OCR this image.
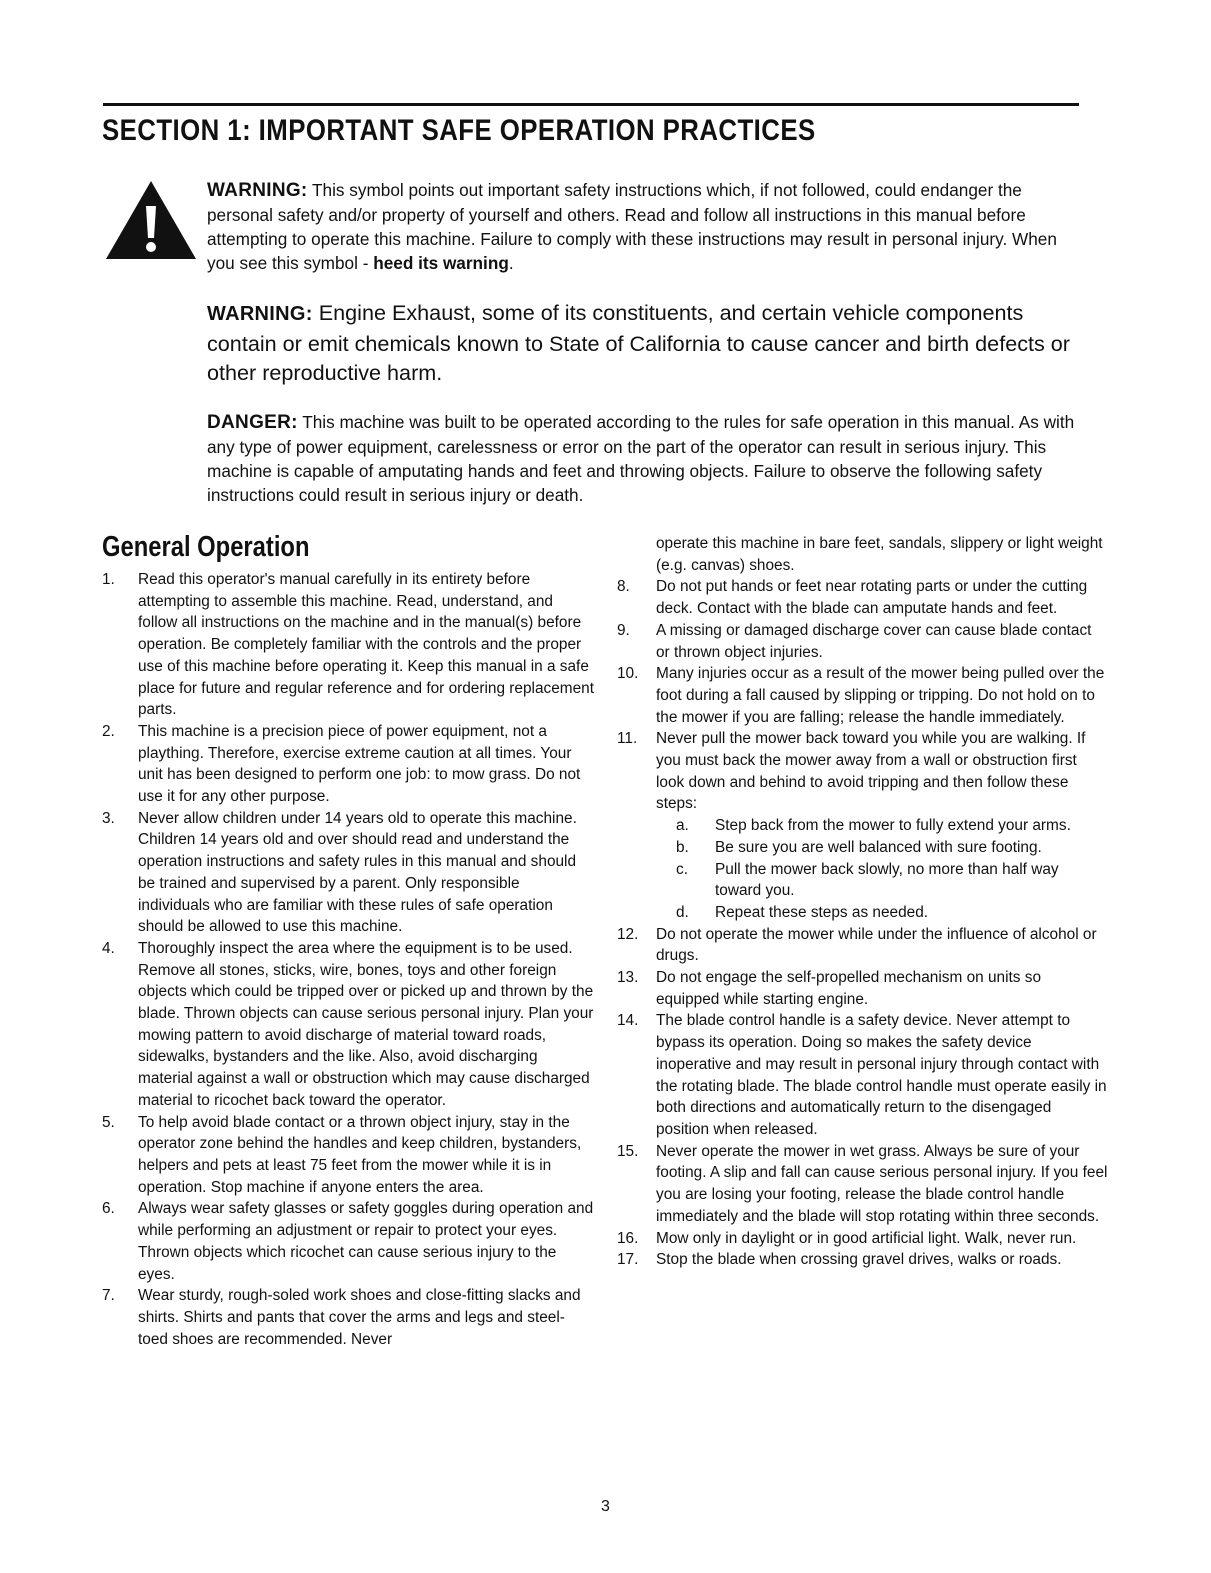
SECTION 1: IMPORTANT SAFE OPERATION PRACTICES

WARNING: This symbol points out important safety instructions which, if not followed, could endanger the personal safety and/or property of yourself and others. Read and follow all instructions in this manual before attempting to operate this machine. Failure to comply with these instructions may result in personal injury. When you see this symbol - heed its warning.

WARNING: Engine Exhaust, some of its constituents, and certain vehicle components contain or emit chemicals known to State of California to cause cancer and birth defects or other reproductive harm.

DANGER: This machine was built to be operated according to the rules for safe operation in this manual. As with any type of power equipment, carelessness or error on the part of the operator can result in serious injury. This machine is capable of amputating hands and feet and throwing objects. Failure to observe the following safety instructions could result in serious injury or death.

General Operation

1.	Read this operator's manual carefully in its entirety before attempting to assemble this machine. Read, understand, and follow all instructions on the machine and in the manual(s) before operation. Be completely familiar with the controls and the proper use of this machine before operating it. Keep this manual in a safe place for future and regular reference and for ordering replacement parts.

2.	This machine is a precision piece of power equipment, not a plaything. Therefore, exercise extreme caution at all times. Your unit has been designed to perform one job: to mow grass. Do not use it for any other purpose.

3.	Never allow children under 14 years old to operate this machine. Children 14 years old and over should read and understand the operation instructions and safety rules in this manual and should be trained and supervised by a parent. Only responsible individuals who are familiar with these rules of safe operation should be allowed to use this machine.

4.	Thoroughly inspect the area where the equipment is to be used. Remove all stones, sticks, wire, bones, toys and other foreign objects which could be tripped over or picked up and thrown by the blade. Thrown objects can cause serious personal injury. Plan your mowing pattern to avoid discharge of material toward roads, sidewalks, bystanders and the like. Also, avoid discharging material against a wall or obstruction which may cause discharged material to ricochet back toward the operator.

5.	To help avoid blade contact or a thrown object injury, stay in the operator zone behind the handles and keep children, bystanders, helpers and pets at least 75 feet from the mower while it is in operation. Stop machine if anyone enters the area.

6.	Always wear safety glasses or safety goggles during operation and while performing an adjustment or repair to protect your eyes. Thrown objects which ricochet can cause serious injury to the eyes.

7.	Wear sturdy, rough-soled work shoes and close-fitting slacks and shirts. Shirts and pants that cover the arms and legs and steel-toed shoes are recommended. Never

operate this machine in bare feet, sandals, slippery or light weight (e.g. canvas) shoes.

8.	Do not put hands or feet near rotating parts or under the cutting deck. Contact with the blade can amputate hands and feet.

9.	A missing or damaged discharge cover can cause blade contact or thrown object injuries.

10.	Many injuries occur as a result of the mower being pulled over the foot during a fall caused by slipping or tripping. Do not hold on to the mower if you are falling; release the handle immediately.

11.	Never pull the mower back toward you while you are walking. If you must back the mower away from a wall or obstruction first look down and behind to avoid tripping and then follow these steps:

a. Step back from the mower to fully extend your arms.

b. Be sure you are well balanced with sure footing.

c. Pull the mower back slowly, no more than half way toward you.

d. Repeat these steps as needed.

12.	Do not operate the mower while under the influence of alcohol or drugs.

13.	Do not engage the self-propelled mechanism on units so equipped while starting engine.

14.	The blade control handle is a safety device. Never attempt to bypass its operation. Doing so makes the safety device inoperative and may result in personal injury through contact with the rotating blade. The blade control handle must operate easily in both directions and automatically return to the disengaged position when released.

15.	Never operate the mower in wet grass. Always be sure of your footing. A slip and fall can cause serious personal injury. If you feel you are losing your footing, release the blade control handle immediately and the blade will stop rotating within three seconds.

16.	Mow only in daylight or in good artificial light. Walk, never run.

17.	Stop the blade when crossing gravel drives, walks or roads.

3
